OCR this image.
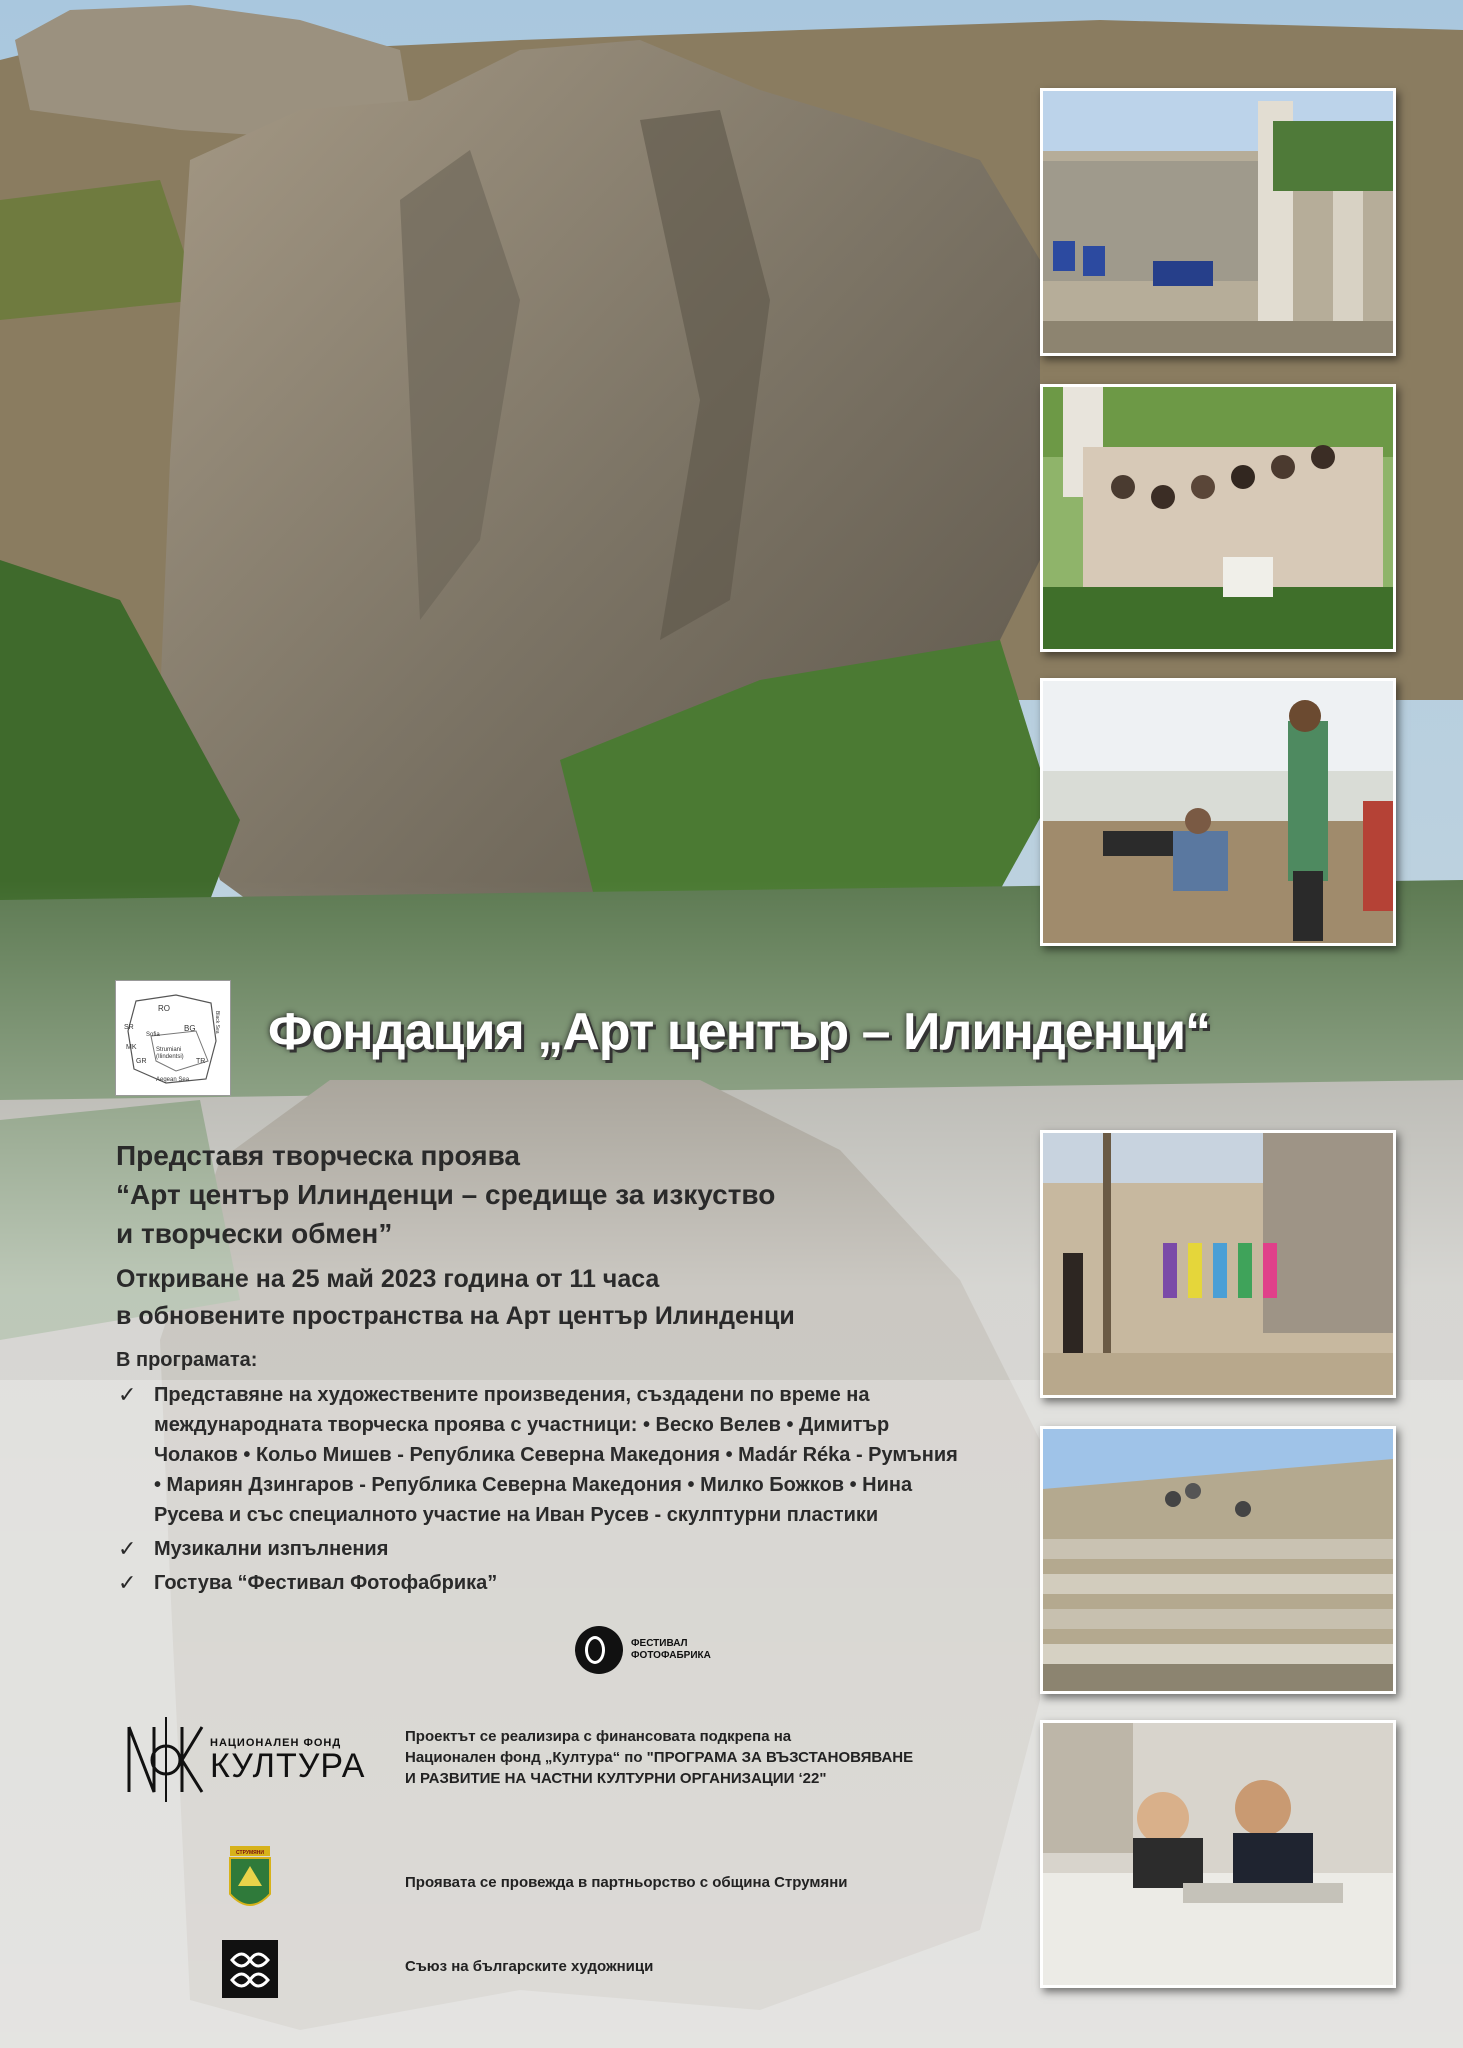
RO
Sofia
BG
SR
MK	Strumiani
(Ilindentsi)
GR	TR
Aegean Sea
Black Sea Фондация „Арт център – Илинденци“
Представя творческа проява
“Арт център Илинденци – средище за изкуство
и творчески обмен”
Откриване на 25 май 2023 година от 11 часа
в обновените пространства на Арт център Илинденци
В програмата:
✓ Представяне на художествените произведения, създадени по време на международната творческа проява с участници: • Веско Велев • Димитър Чолаков • Кольо Мишев - Република Северна Македония • Madár Réka - Румъния • Мариян Дзингаров - Република Северна Македония • Милко Божков • Нина Русева и със специалното участие на Иван Русев - скулптурни пластики
✓ Музикални изпълнения
✓ Гостува “Фестивал Фотофабрика”
ФЕСТИВАЛ
ФОТОФАБРИКА
НАЦИОНАЛЕН ФОНД
КУЛТУРА
Проектът се реализира с финансовата подкрепа на
Национален фонд „Култура“ по "ПРОГРАМА ЗА ВЪЗСТАНОВЯВАНЕ
И РАЗВИТИЕ НА ЧАСТНИ КУЛТУРНИ ОРГАНИЗАЦИИ ‘22"
СТРУМЯНИ
Проявата се провежда в партньорство с община Струмяни
Съюз на българските художници
